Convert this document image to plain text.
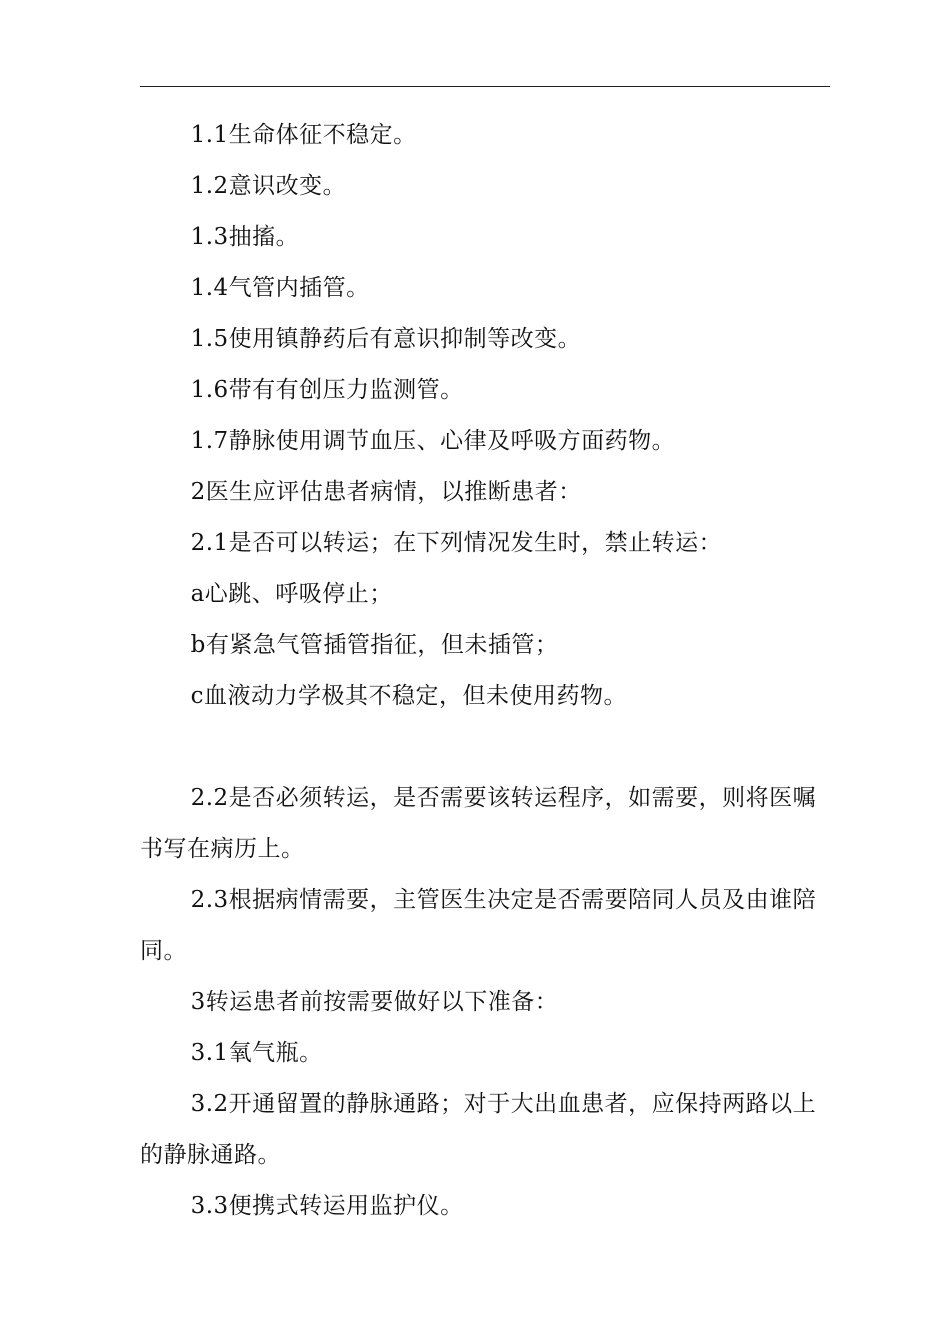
1.1生命体征不稳定。

1.2意识改变。

1.3抽搐。

1.4气管内插管。

1.5使用镇静药后有意识抑制等改变。

1.6带有有创压力监测管。

1.7静脉使用调节血压、心律及呼吸方面药物。

2医生应评估患者病情，以推断患者：

2.1是否可以转运；在下列情况发生时，禁止转运：

a心跳、呼吸停止；

b有紧急气管插管指征，但未插管；

c血液动力学极其不稳定，但未使用药物。

2.2是否必须转运，是否需要该转运程序，如需要，则将医嘱书写在病历上。

2.3根据病情需要，主管医生决定是否需要陪同人员及由谁陪同。

3转运患者前按需要做好以下准备：

3.1氧气瓶。

3.2开通留置的静脉通路；对于大出血患者，应保持两路以上的静脉通路。

3.3便携式转运用监护仪。
